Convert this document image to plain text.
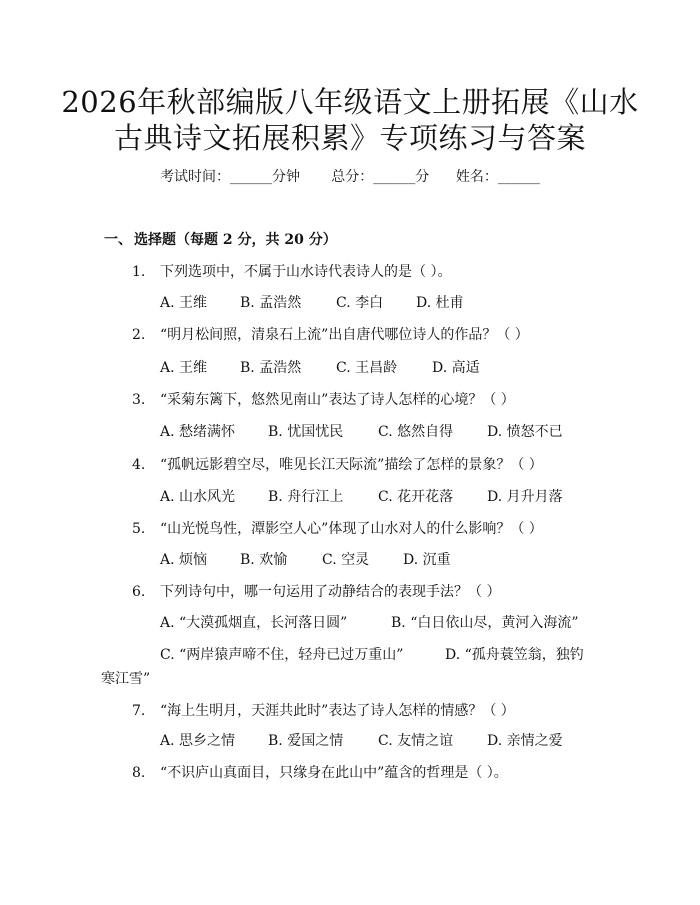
2026年秋部编版八年级语文上册拓展《山水
古典诗文拓展积累》专项练习与答案
考试时间：______分钟 总分：______分 姓名：______
一、 选择题（每题 2 分，共 20 分）
1. 下列选项中，不属于山水诗代表诗人的是（ ）。
A. 王维 B. 孟浩然 C. 李白 D. 杜甫
2. “明月松间照，清泉石上流”出自唐代哪位诗人的作品？（ ）
A. 王维 B. 孟浩然 C. 王昌龄 D. 高适
3. “采菊东篱下，悠然见南山”表达了诗人怎样的心境？（ ）
A. 愁绪满怀 B. 忧国忧民 C. 悠然自得 D. 愤怒不已
4. “孤帆远影碧空尽，唯见长江天际流”描绘了怎样的景象？（ ）
A. 山水风光 B. 舟行江上 C. 花开花落 D. 月升月落
5. “山光悦鸟性，潭影空人心”体现了山水对人的什么影响？（ ）
A. 烦恼 B. 欢愉 C. 空灵 D. 沉重
6. 下列诗句中，哪一句运用了动静结合的表现手法？（ ）
A. “大漠孤烟直，长河落日圆”	B. “白日依山尽，黄河入海流”
C. “两岸猿声啼不住，轻舟已过万重山”	D. “孤舟蓑笠翁，独钓
寒江雪”
7. “海上生明月，天涯共此时”表达了诗人怎样的情感？（ ）
A. 思乡之情 B. 爱国之情 C. 友情之谊 D. 亲情之爱
8. “不识庐山真面目，只缘身在此山中”蕴含的哲理是（ ）。
